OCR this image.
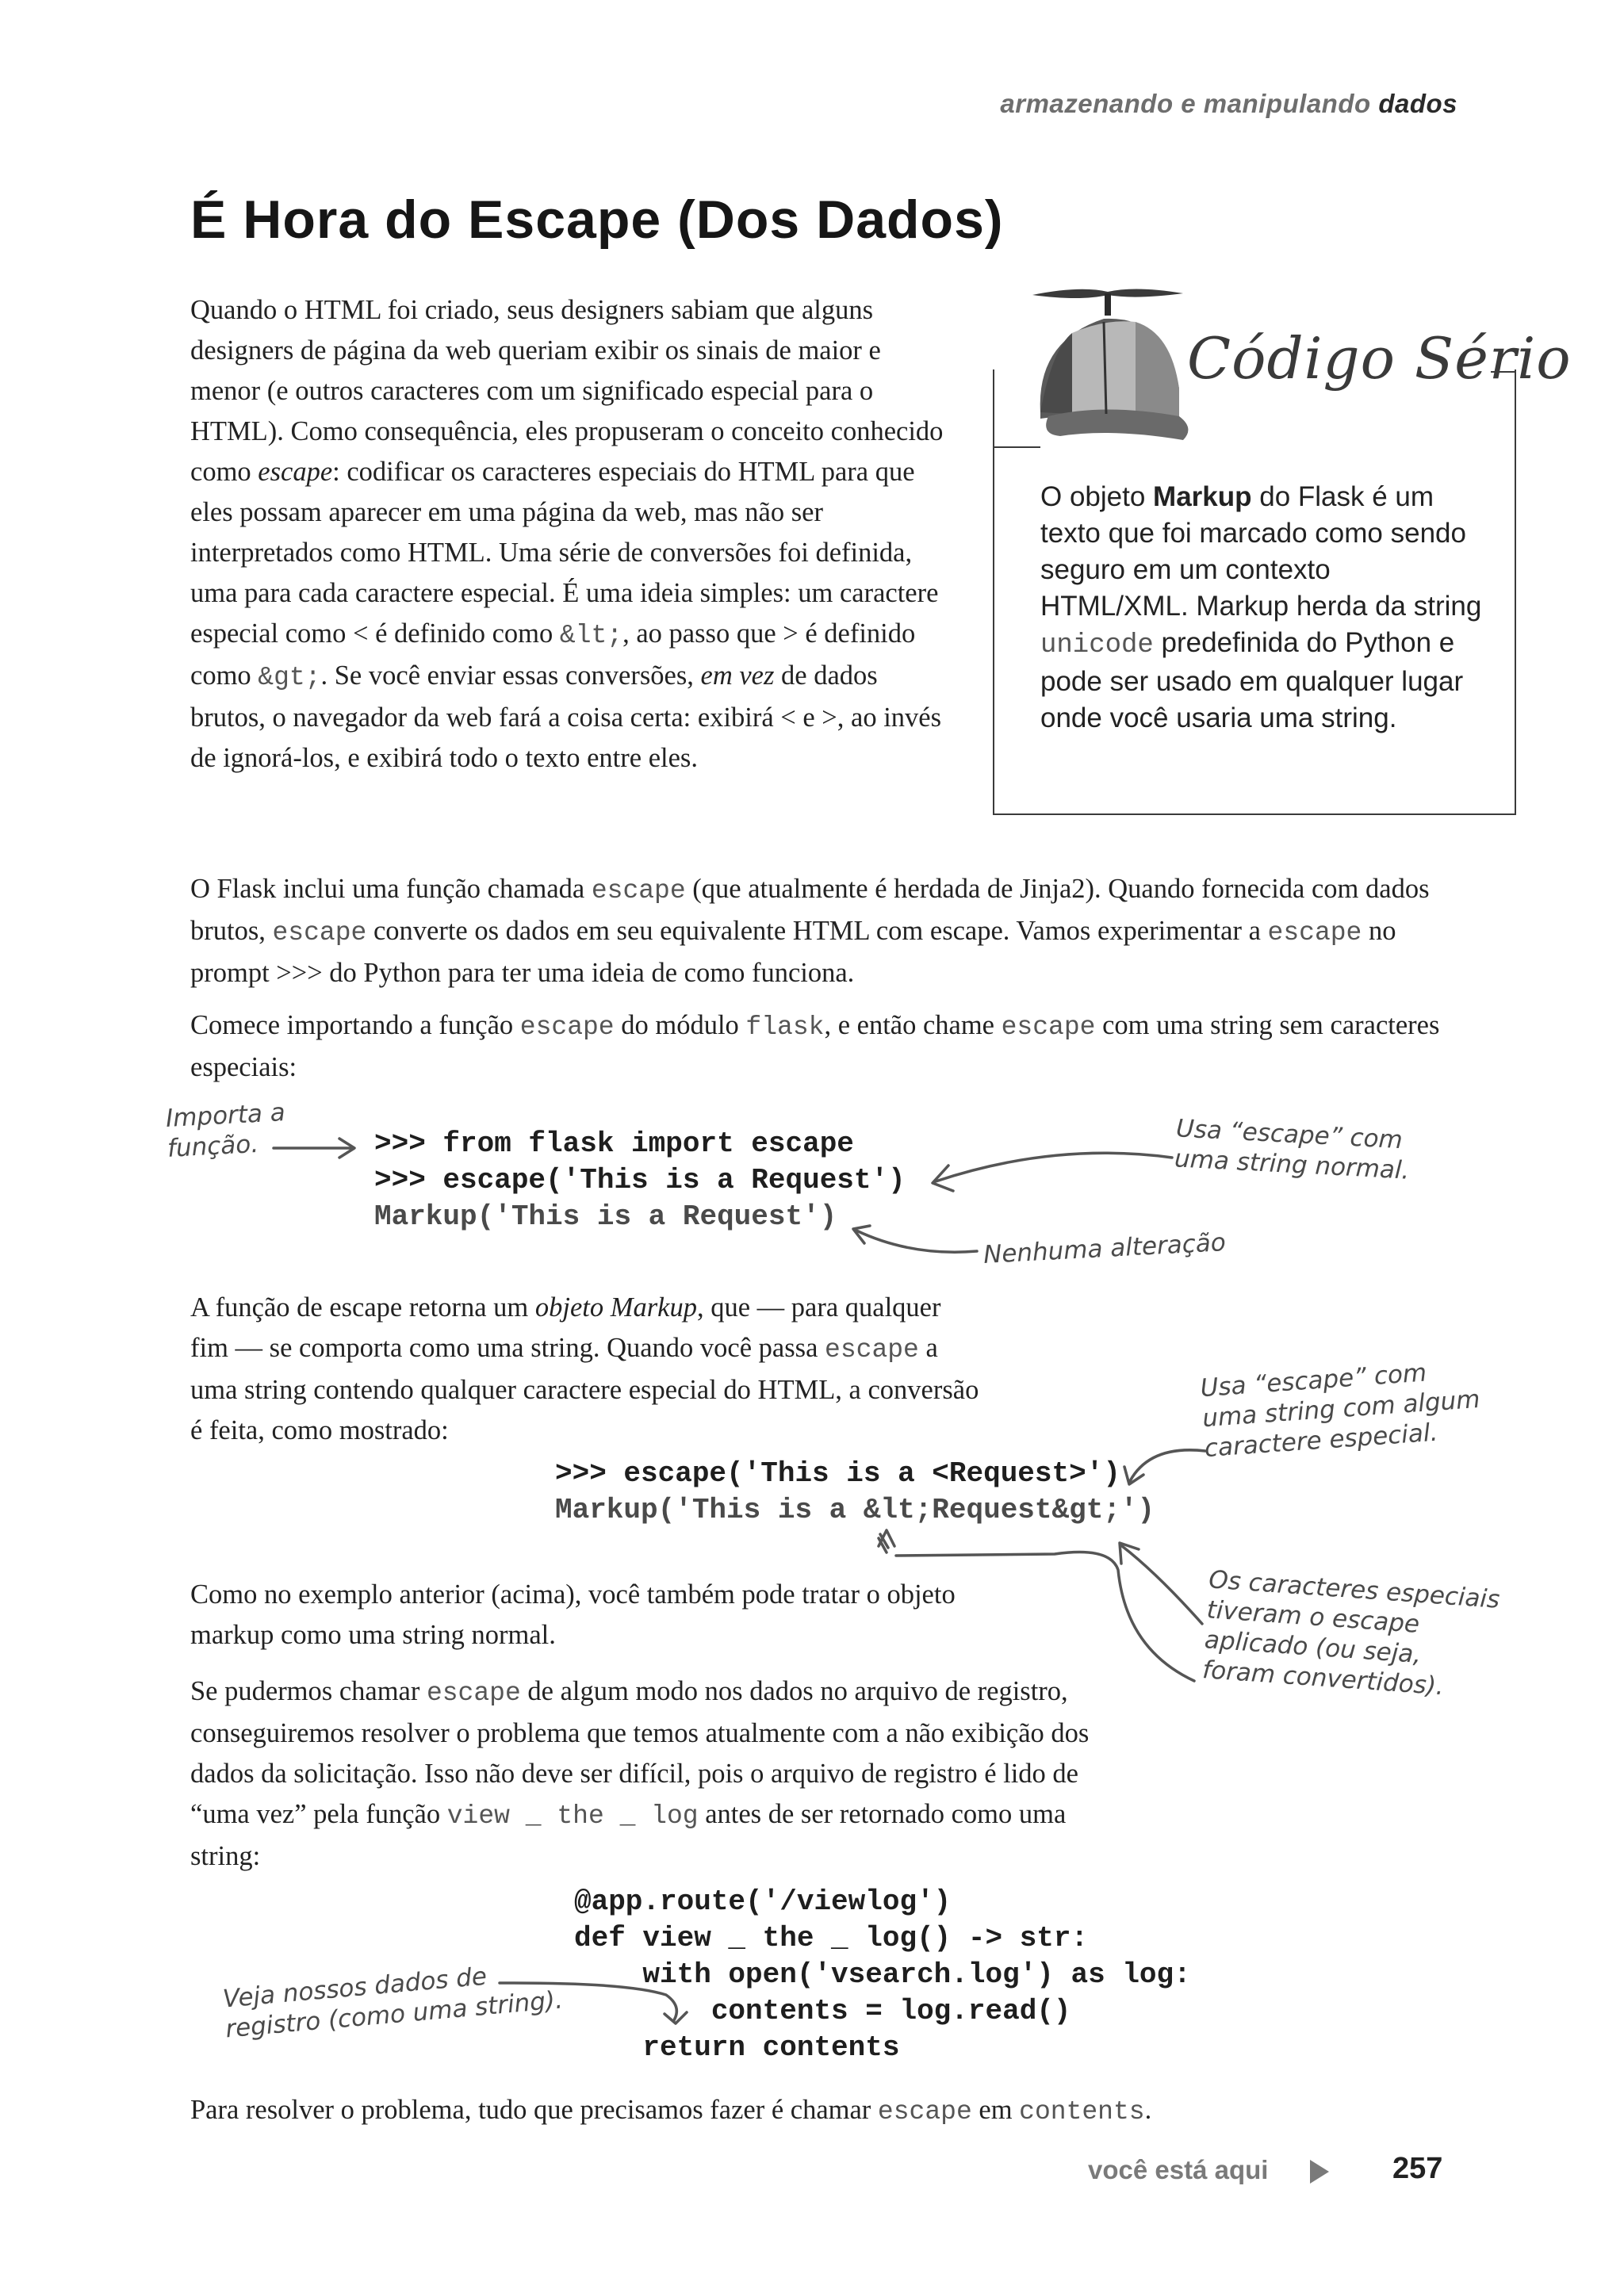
armazenando e manipulando dados
É Hora do Escape (Dos Dados)
Quando o HTML foi criado, seus designers sabiam que alguns designers de página da web queriam exibir os sinais de maior e menor (e outros caracteres com um significado especial para o HTML). Como consequência, eles propuseram o conceito conhecido como escape: codificar os caracteres especiais do HTML para que eles possam aparecer em uma página da web, mas não ser interpretados como HTML. Uma série de conversões foi definida, uma para cada caractere especial. É uma ideia simples: um caractere especial como < é definido como &lt;, ao passo que > é definido como &gt;. Se você enviar essas conversões, em vez de dados brutos, o navegador da web fará a coisa certa: exibirá < e >, ao invés de ignorá-los, e exibirá todo o texto entre eles.
Código Sério
O objeto Markup do Flask é um texto que foi marcado como sendo seguro em um contexto HTML/XML. Markup herda da string unicode predefinida do Python e pode ser usado em qualquer lugar onde você usaria uma string.
O Flask inclui uma função chamada escape (que atualmente é herdada de Jinja2). Quando fornecida com dados brutos, escape converte os dados em seu equivalente HTML com escape. Vamos experimentar a escape no prompt >>> do Python para ter uma ideia de como funciona.
Comece importando a função escape do módulo flask, e então chame escape com uma string sem caracteres especiais:
>>> from flask import escape
>>> escape('This is a Request')
Markup('This is a Request')
A função de escape retorna um objeto Markup, que — para qualquer fim — se comporta como uma string. Quando você passa escape a uma string contendo qualquer caractere especial do HTML, a conversão é feita, como mostrado:
>>> escape('This is a <Request>')
Markup('This is a &lt;Request&gt;')
Como no exemplo anterior (acima), você também pode tratar o objeto markup como uma string normal.
Se pudermos chamar escape de algum modo nos dados no arquivo de registro, conseguiremos resolver o problema que temos atualmente com a não exibição dos dados da solicitação. Isso não deve ser difícil, pois o arquivo de registro é lido de “uma vez” pela função view _ the _ log antes de ser retornado como uma string:
@app.route('/viewlog')
def view _ the _ log() -> str:
with open('vsearch.log') as log:
contents = log.read()
return contents
Para resolver o problema, tudo que precisamos fazer é chamar escape em contents.
Importa a
função.	Usa “escape” com
uma string normal.
Nenhuma alteração
Usa “escape” com
uma string com algum
caractere especial.
Os caracteres especiais
tiveram o escape
aplicado (ou seja,
foram convertidos).
Veja nossos dados de
registro (como uma string).
você está aqui	257
